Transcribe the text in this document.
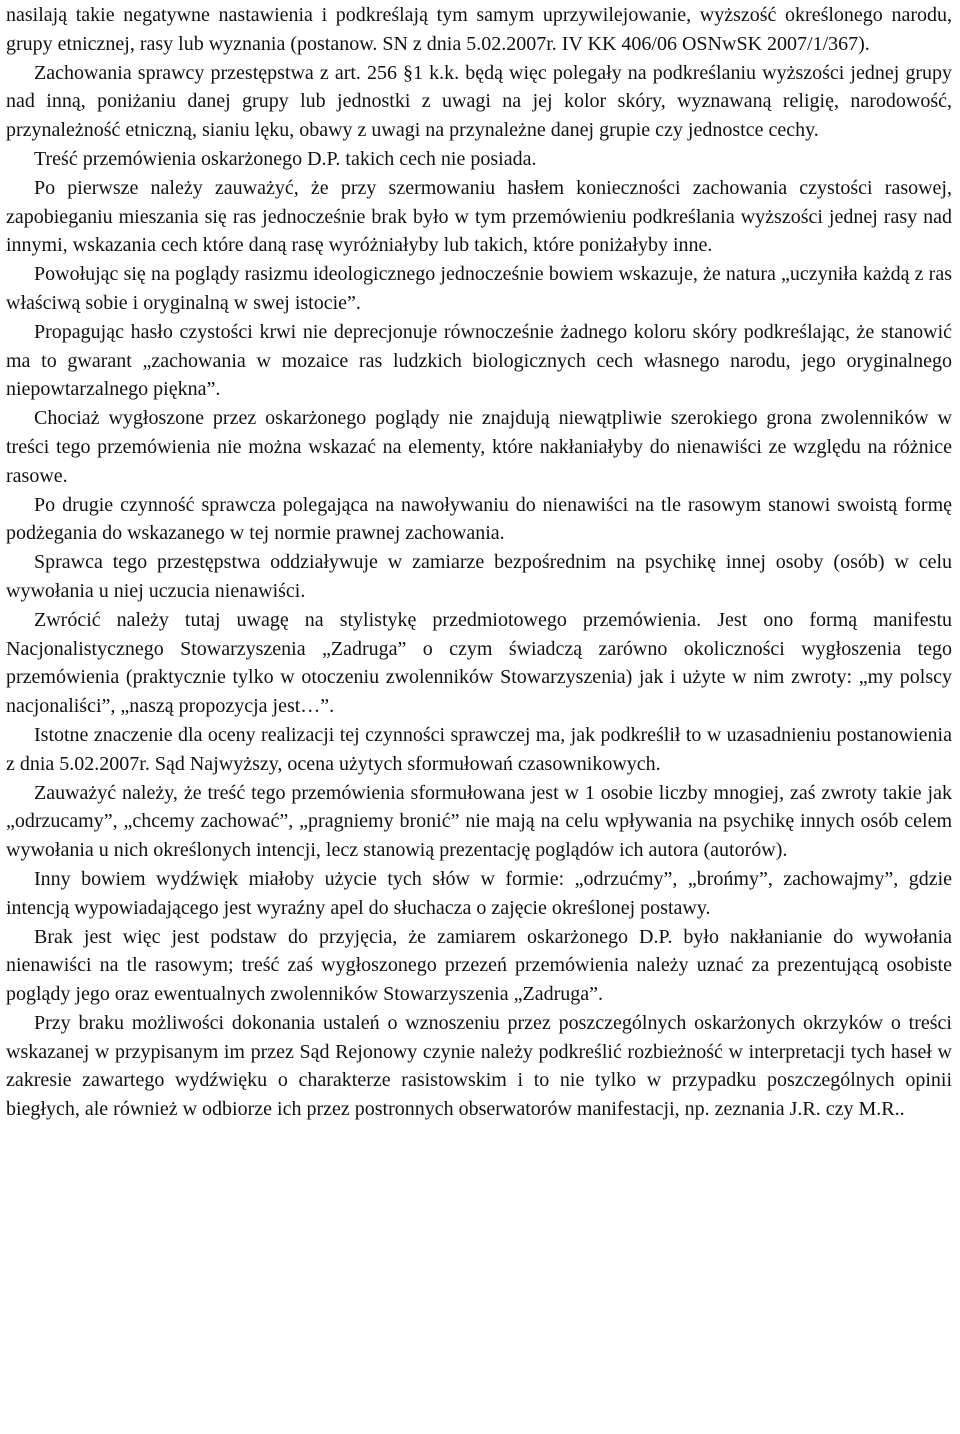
nasilają takie negatywne nastawienia i podkreślają tym samym uprzywilejowanie, wyższość określonego narodu, grupy etnicznej, rasy lub wyznania (postanow. SN z dnia 5.02.2007r. IV KK 406/06 OSNwSK 2007/1/367).

Zachowania sprawcy przestępstwa z art. 256 §1 k.k. będą więc polegały na podkreślaniu wyższości jednej grupy nad inną, poniżaniu danej grupy lub jednostki z uwagi na jej kolor skóry, wyznawaną religię, narodowość, przynależność etniczną, sianiu lęku, obawy z uwagi na przynależne danej grupie czy jednostce cechy.

Treść przemówienia oskarżonego D.P. takich cech nie posiada.

Po pierwsze należy zauważyć, że przy szermowaniu hasłem konieczności zachowania czystości rasowej, zapobieganiu mieszania się ras jednocześnie brak było w tym przemówieniu podkreślania wyższości jednej rasy nad innymi, wskazania cech które daną rasę wyróżniałyby lub takich, które poniżałyby inne.

Powołując się na poglądy rasizmu ideologicznego jednocześnie bowiem wskazuje, że natura „uczyniła każdą z ras właściwą sobie i oryginalną w swej istocie”.

Propagując hasło czystości krwi nie deprecjonuje równocześnie żadnego koloru skóry podkreślając, że stanowić ma to gwarant „zachowania w mozaice ras ludzkich biologicznych cech własnego narodu, jego oryginalnego niepowtarzalnego piękna”.

Chociaż wygłoszone przez oskarżonego poglądy nie znajdują niewątpliwie szerokiego grona zwolenników w treści tego przemówienia nie można wskazać na elementy, które nakłaniałyby do nienawiści ze względu na różnice rasowe.

Po drugie czynność sprawcza polegająca na nawoływaniu do nienawiści na tle rasowym stanowi swoistą formę podżegania do wskazanego w tej normie prawnej zachowania.

Sprawca tego przestępstwa oddziaływuje w zamiarze bezpośrednim na psychikę innej osoby (osób) w celu wywołania u niej uczucia nienawiści.

Zwrócić należy tutaj uwagę na stylistykę przedmiotowego przemówienia. Jest ono formą manifestu Nacjonalistycznego Stowarzyszenia „Zadruga” o czym świadczą zarówno okoliczności wygłoszenia tego przemówienia (praktycznie tylko w otoczeniu zwolenników Stowarzyszenia) jak i użyte w nim zwroty: „my polscy nacjonaliści”, „naszą propozycja jest…”.

Istotne znaczenie dla oceny realizacji tej czynności sprawczej ma, jak podkreślił to w uzasadnieniu postanowienia z dnia 5.02.2007r. Sąd Najwyższy, ocena użytych sformułowań czasownikowych.

Zauważyć należy, że treść tego przemówienia sformułowana jest w 1 osobie liczby mnogiej, zaś zwroty takie jak „odrzucamy”, „chcemy zachować”, „pragniemy bronić” nie mają na celu wpływania na psychikę innych osób celem wywołania u nich określonych intencji, lecz stanowią prezentację poglądów ich autora (autorów).

Inny bowiem wydźwięk miałoby użycie tych słów w formie: „odrzućmy”, „brońmy”, zachowajmy”, gdzie intencją wypowiadającego jest wyraźny apel do słuchacza o zajęcie określonej postawy.

Brak jest więc jest podstaw do przyjęcia, że zamiarem oskarżonego D.P. było nakłanianie do wywołania nienawiści na tle rasowym; treść zaś wygłoszonego przezeń przemówienia należy uznać za prezentującą osobiste poglądy jego oraz ewentualnych zwolenników Stowarzyszenia „Zadruga”.

Przy braku możliwości dokonania ustaleń o wznoszeniu przez poszczególnych oskarżonych okrzyków o treści wskazanej w przypisanym im przez Sąd Rejonowy czynie należy podkreślić rozbieżność w interpretacji tych haseł w zakresie zawartego wydźwięku o charakterze rasistowskim i to nie tylko w przypadku poszczególnych opinii biegłych, ale również w odbiorze ich przez postronnych obserwatorów manifestacji, np. zeznania J.R. czy M.R..
